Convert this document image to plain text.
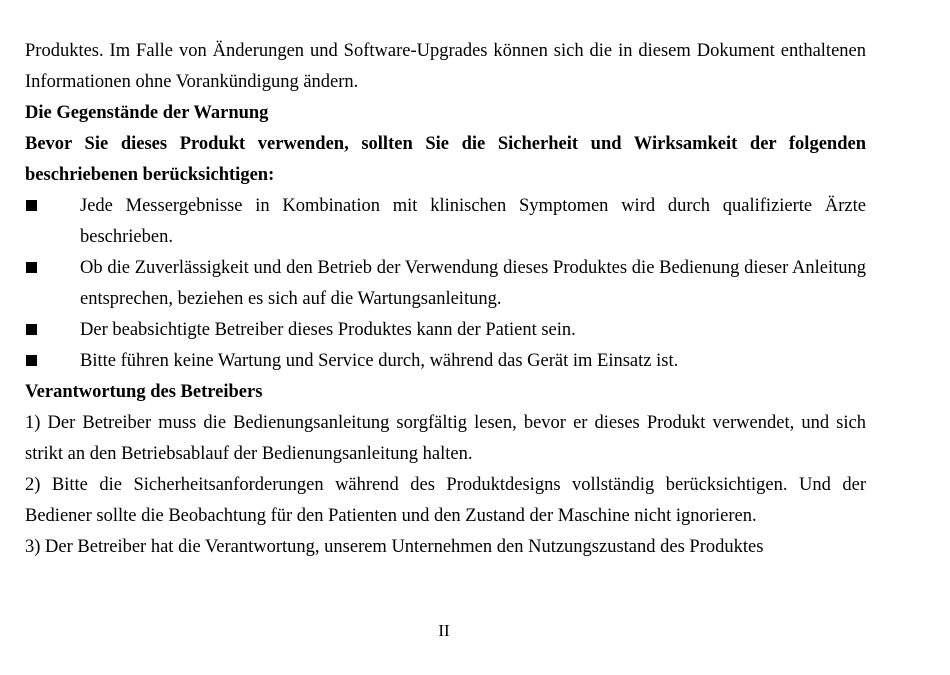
Produktes. Im Falle von Änderungen und Software-Upgrades können sich die in diesem Dokument enthaltenen Informationen ohne Vorankündigung ändern.
Die Gegenstände der Warnung
Bevor Sie dieses Produkt verwenden, sollten Sie die Sicherheit und Wirksamkeit der folgenden beschriebenen berücksichtigen:
Jede Messergebnisse in Kombination mit klinischen Symptomen wird durch qualifizierte Ärzte beschrieben.
Ob die Zuverlässigkeit und den Betrieb der Verwendung dieses Produktes die Bedienung dieser Anleitung entsprechen, beziehen es sich auf die Wartungsanleitung.
Der beabsichtigte Betreiber dieses Produktes kann der Patient sein.
Bitte führen keine Wartung und Service durch, während das Gerät im Einsatz ist.
Verantwortung des Betreibers
1) Der Betreiber muss die Bedienungsanleitung sorgfältig lesen, bevor er dieses Produkt verwendet, und sich strikt an den Betriebsablauf der Bedienungsanleitung halten.
2) Bitte die Sicherheitsanforderungen während des Produktdesigns vollständig berücksichtigen. Und der Bediener sollte die Beobachtung für den Patienten und den Zustand der Maschine nicht ignorieren.
3) Der Betreiber hat die Verantwortung, unserem Unternehmen den Nutzungszustand des Produktes
II
